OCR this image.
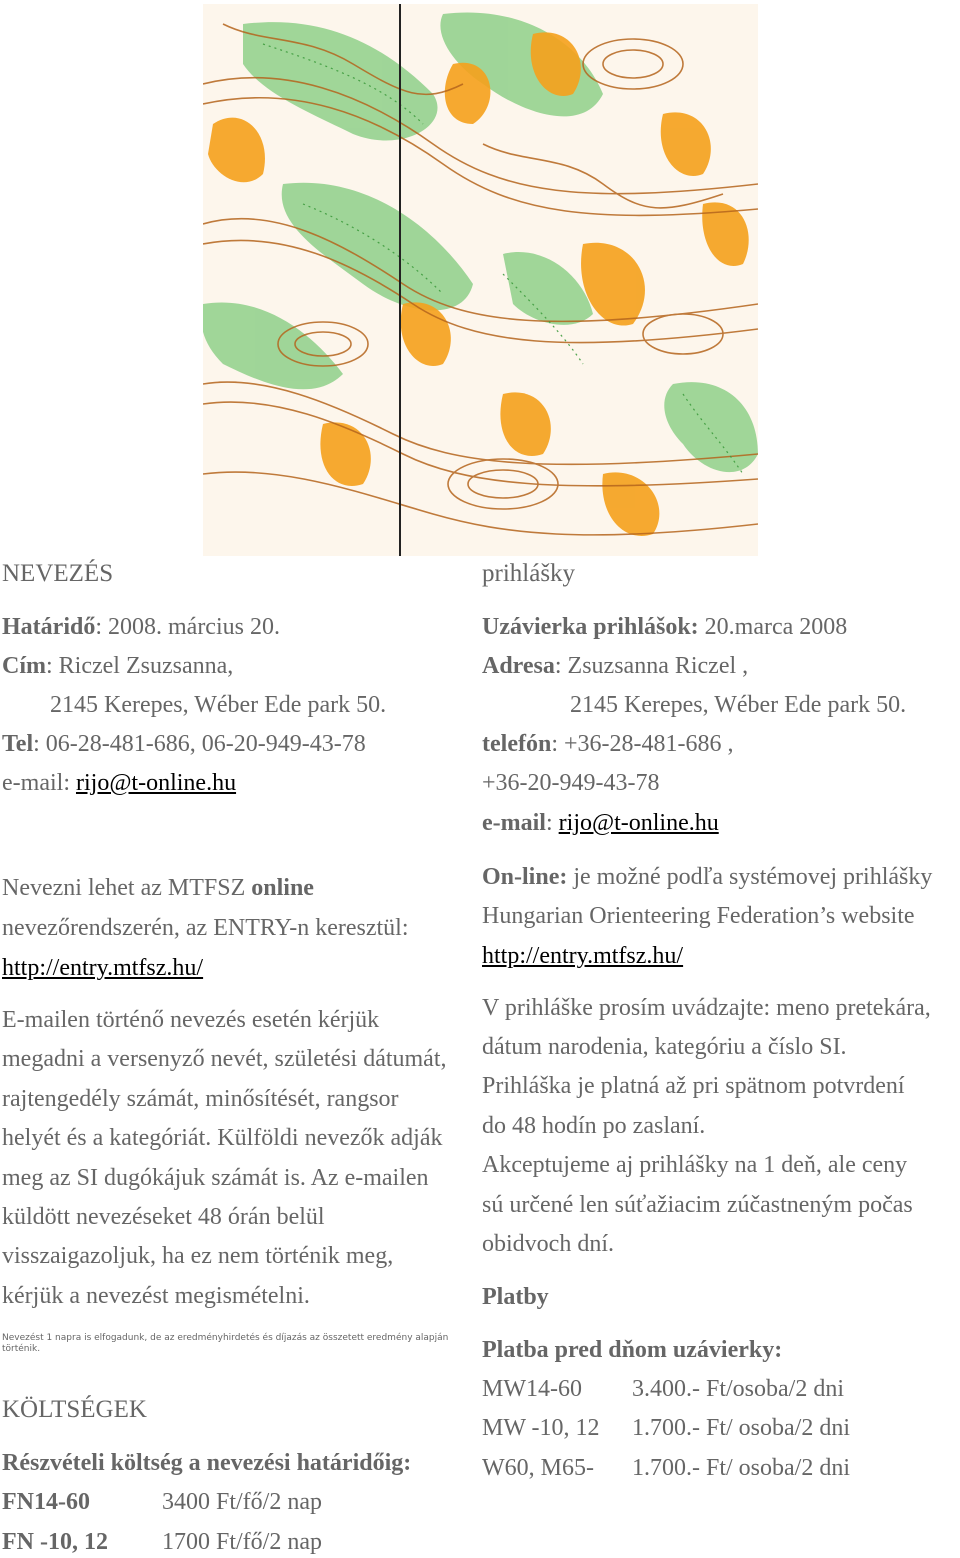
NEVEZÉS
Határidő: 2008. március 20.
Cím: Riczel Zsuzsanna,
2145 Kerepes, Wéber Ede park 50.
Tel: 06-28-481-686, 06-20-949-43-78
e-mail: rijo@t-online.hu
Nevezni lehet az MTFSZ online
nevezőrendszerén, az ENTRY-n keresztül:
http://entry.mtfsz.hu/
E-mailen történő nevezés esetén kérjük
megadni a versenyző nevét, születési dátumát,
rajtengedély számát, minősítését, rangsor
helyét és a kategóriát. Külföldi nevezők adják
meg az SI dugókájuk számát is. Az e-mailen
küldött nevezéseket 48 órán belül
visszaigazoljuk, ha ez nem történik meg,
kérjük a nevezést megismételni.
Nevezést 1 napra is elfogadunk, de az eredményhirdetés és díjazás az összetett eredmény alapján történik.
KÖLTSÉGEK
Részvételi költség a nevezési határidőig:
FN14-60	3400 Ft/fő/2 nap
FN -10, 12 1700 Ft/fő/2 nap
prihlášky
Uzávierka prihlášok: 20.marca 2008
Adresa: Zsuzsanna Riczel ,
2145 Kerepes, Wéber Ede park 50.
telefón: +36-28-481-686 ,
+36-20-949-43-78
e-mail: rijo@t-online.hu
On-line: je možné podľa systémovej prihlášky
Hungarian Orienteering Federation’s website
http://entry.mtfsz.hu/
V prihláške prosím uvádzajte: meno pretekára,
dátum narodenia, kategóriu a číslo SI.
Prihláška je platná až pri spätnom potvrdení
do 48 hodín po zaslaní.
Akceptujeme aj prihlášky na 1 deň, ale ceny
sú určené len súťažiacim zúčastneným počas
obidvoch dní.
Platby
Platba pred dňom uzávierky:
MW14-60 3.400.- Ft/osoba/2 dni
MW -10, 12 1.700.- Ft/ osoba/2 dni
W60, M65- 1.700.- Ft/ osoba/2 dni
